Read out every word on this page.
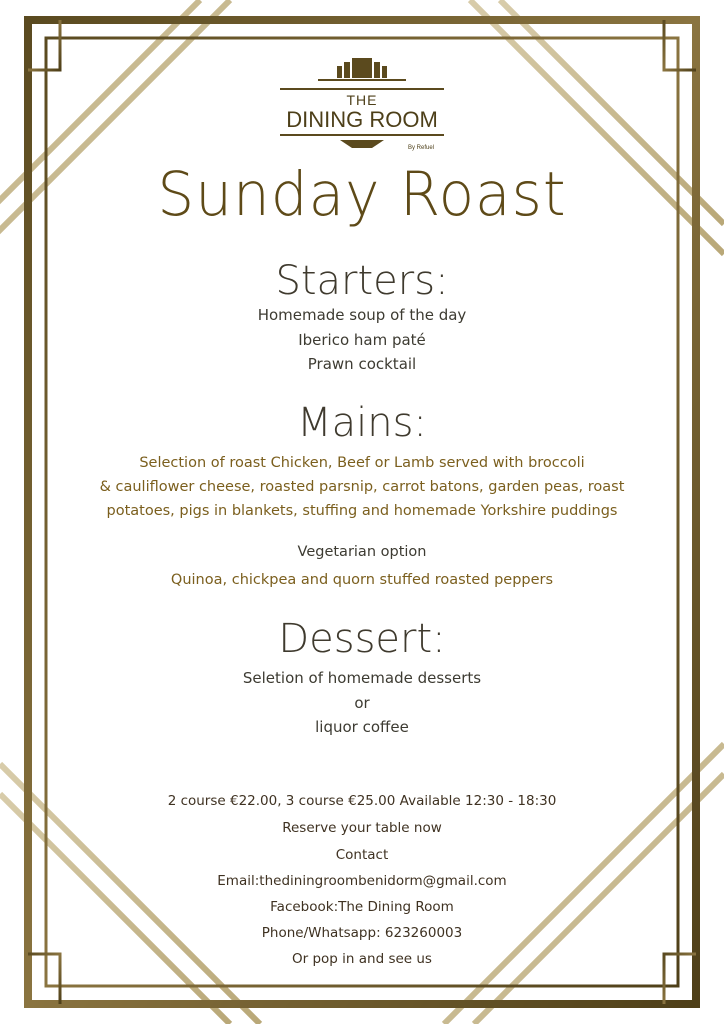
THE
DINING ROOM
By Refuel
Sunday Roast
Starters:
Homemade soup of the day
Iberico ham paté
Prawn cocktail
Mains:
Selection of roast Chicken, Beef or Lamb served with broccoli
& cauliflower cheese, roasted parsnip, carrot batons, garden peas, roast
potatoes, pigs in blankets, stuffing and homemade Yorkshire puddings
Vegetarian option
Quinoa, chickpea and quorn stuffed roasted peppers
Dessert:
Seletion of homemade desserts
or
liquor coffee
2 course €22.00, 3 course €25.00 Available 12:30 - 18:30
Reserve your table now
Contact
Email:thediningroombenidorm@gmail.com
Facebook:The Dining Room
Phone/Whatsapp: 623260003
Or pop in and see us
